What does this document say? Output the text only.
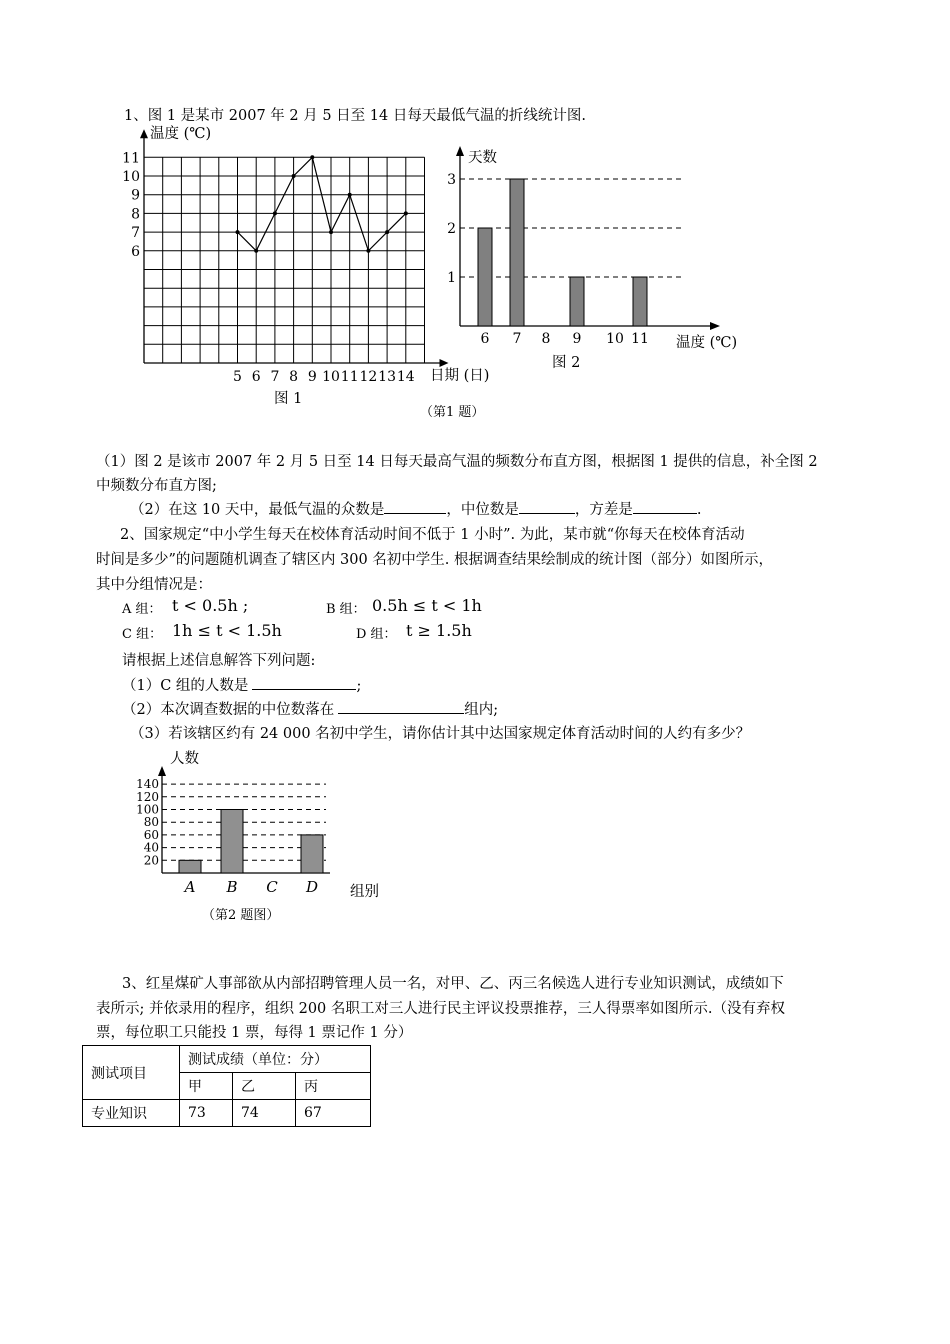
1、图 1 是某市 2007 年 2 月 5 日至 14 日每天最低气温的折线统计图.
11
10
9
8
7
6
5 6 7 8 9 10 11 12 13 14
温度 (℃)
日期 (日)
图 1
3
2
1
6 7 8 9 10 11
天数
温度 (℃)
图 2
（第1 题）
（1）图 2 是该市 2007 年 2 月 5 日至 14 日每天最高气温的频数分布直方图，根据图 1 提供的信息，补全图 2
中频数分布直方图;
（2）在这 10 天中，最低气温的众数是	，中位数是	，方差是	.
2、国家规定“中小学生每天在校体育活动时间不低于 1 小时”. 为此，某市就“你每天在校体育活动
时间是多少”的问题随机调查了辖区内 300 名初中学生. 根据调查结果绘制成的统计图（部分）如图所示，
其中分组情况是：
A 组： t < 0.5h ;	B 组： 0.5h ≤ t < 1h
C 组： 1h ≤ t < 1.5h	D 组： t ≥ 1.5h
请根据上述信息解答下列问题:
（1）C 组的人数是	;
（2）本次调查数据的中位数落在	组内;
（3）若该辖区约有 24 000 名初中学生，请你估计其中达国家规定体育活动时间的人约有多少？
140
120
100
80
60
40
20
A B C D
人数
组别
（第2 题图）
3、红星煤矿人事部欲从内部招聘管理人员一名，对甲、乙、丙三名候选人进行专业知识测试，成绩如下
表所示; 并依录用的程序，组织 200 名职工对三人进行民主评议投票推荐，三人得票率如图所示.（没有弃权
票，每位职工只能投 1 票，每得 1 票记作 1 分）
测试项目	测试成绩（单位：分）		
	甲	乙	丙
专业知识	73	74	67
